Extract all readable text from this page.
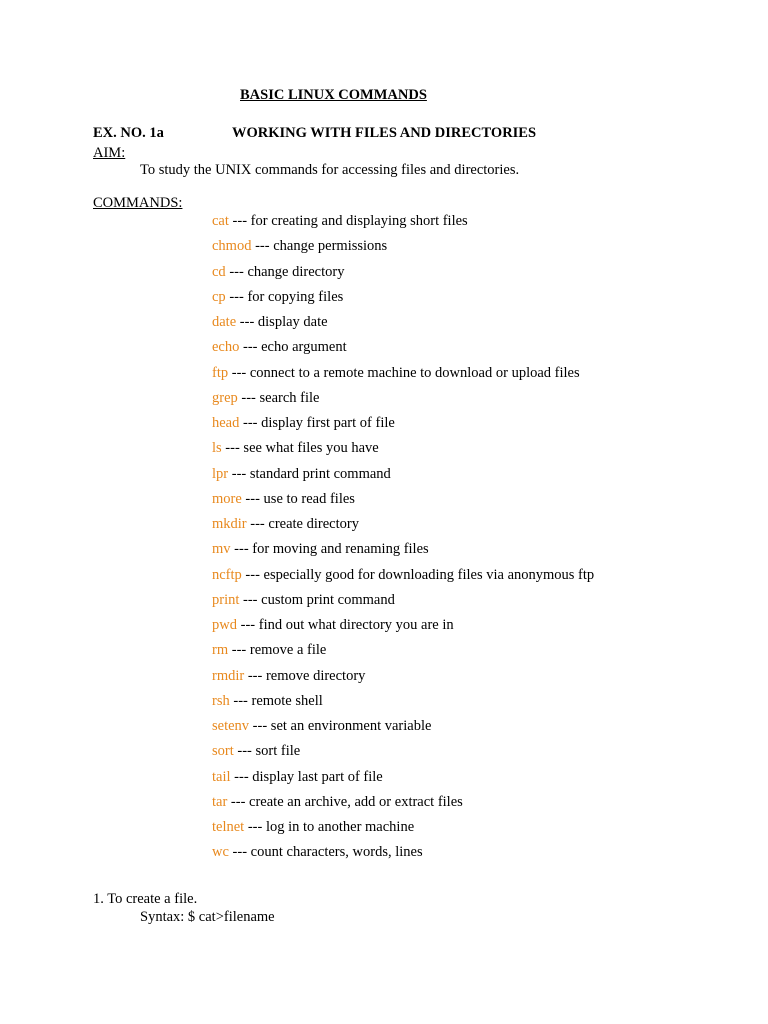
BASIC LINUX COMMANDS
EX. NO. 1a	WORKING WITH FILES AND DIRECTORIES
AIM:
To study the UNIX commands for accessing files and directories.
COMMANDS:
cat --- for creating and displaying short files
chmod --- change permissions
cd --- change directory
cp --- for copying files
date --- display date
echo --- echo argument
ftp --- connect to a remote machine to download or upload files
grep --- search file
head --- display first part of file
ls --- see what files you have
lpr --- standard print command
more --- use to read files
mkdir --- create directory
mv --- for moving and renaming files
ncftp --- especially good for downloading files via anonymous ftp
print --- custom print command
pwd --- find out what directory you are in
rm --- remove a file
rmdir --- remove directory
rsh --- remote shell
setenv --- set an environment variable
sort --- sort file
tail --- display last part of file
tar --- create an archive, add or extract files
telnet --- log in to another machine
wc --- count characters, words, lines
1. To create a file.
Syntax: $ cat>filename
